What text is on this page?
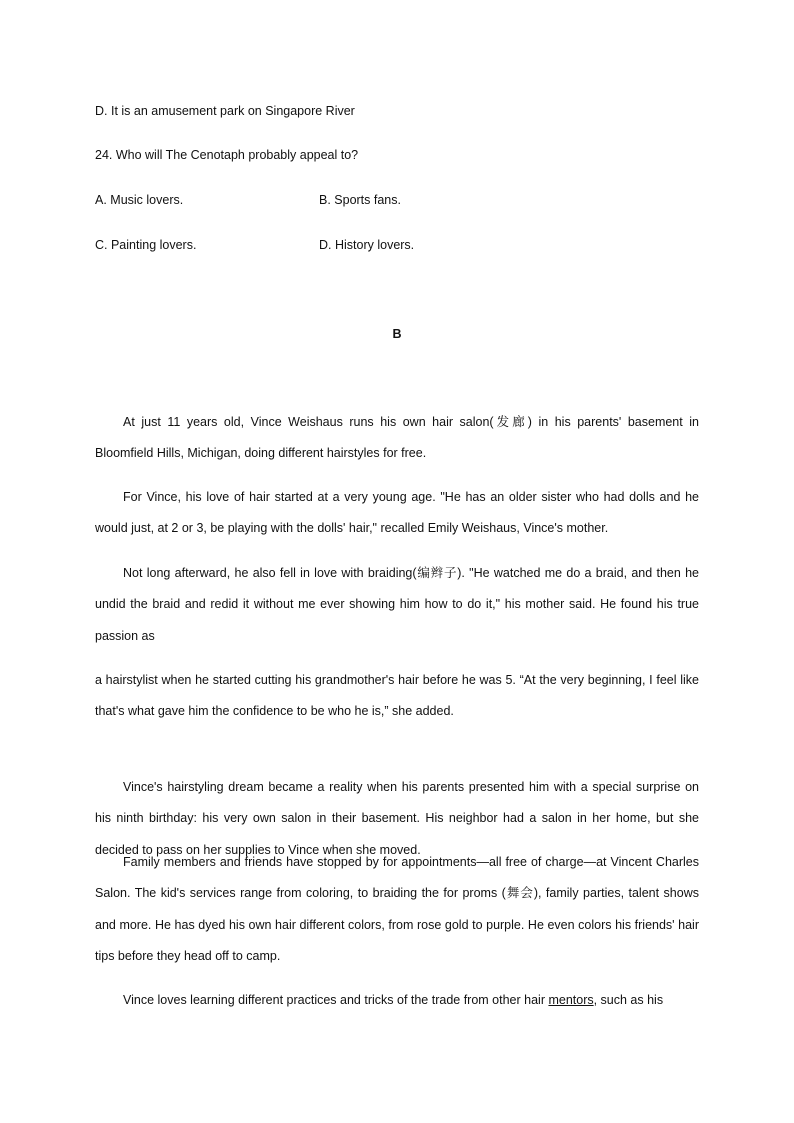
D. It is an amusement park on Singapore River
24. Who will The Cenotaph probably appeal to?
A. Music lovers.	B. Sports fans.
C. Painting lovers.	D. History lovers.
B
At just 11 years old, Vince Weishaus runs his own hair salon(发廊) in his parents' basement in Bloomfield Hills, Michigan, doing different hairstyles for free.
For Vince, his love of hair started at a very young age. "He has an older sister who had dolls and he would just, at 2 or 3, be playing with the dolls' hair," recalled Emily Weishaus, Vince's mother.
Not long afterward, he also fell in love with braiding(编辫子). "He watched me do a braid, and then he undid the braid and redid it without me ever showing him how to do it," his mother said. He found his true passion as
a hairstylist when he started cutting his grandmother's hair before he was 5. “At the very beginning, I feel like that's what gave him the confidence to be who he is,” she added.
Vince's hairstyling dream became a reality when his parents presented him with a special surprise on his ninth birthday: his very own salon in their basement. His neighbor had a salon in her home, but she decided to pass on her supplies to Vince when she moved.
Family members and friends have stopped by for appointments—all free of charge—at Vincent Charles Salon. The kid's services range from coloring, to braiding the for proms (舞会), family parties, talent shows and more. He has dyed his own hair different colors, from rose gold to purple. He even colors his friends' hair tips before they head off to camp.
Vince loves learning different practices and tricks of the trade from other hair mentors, such as his
